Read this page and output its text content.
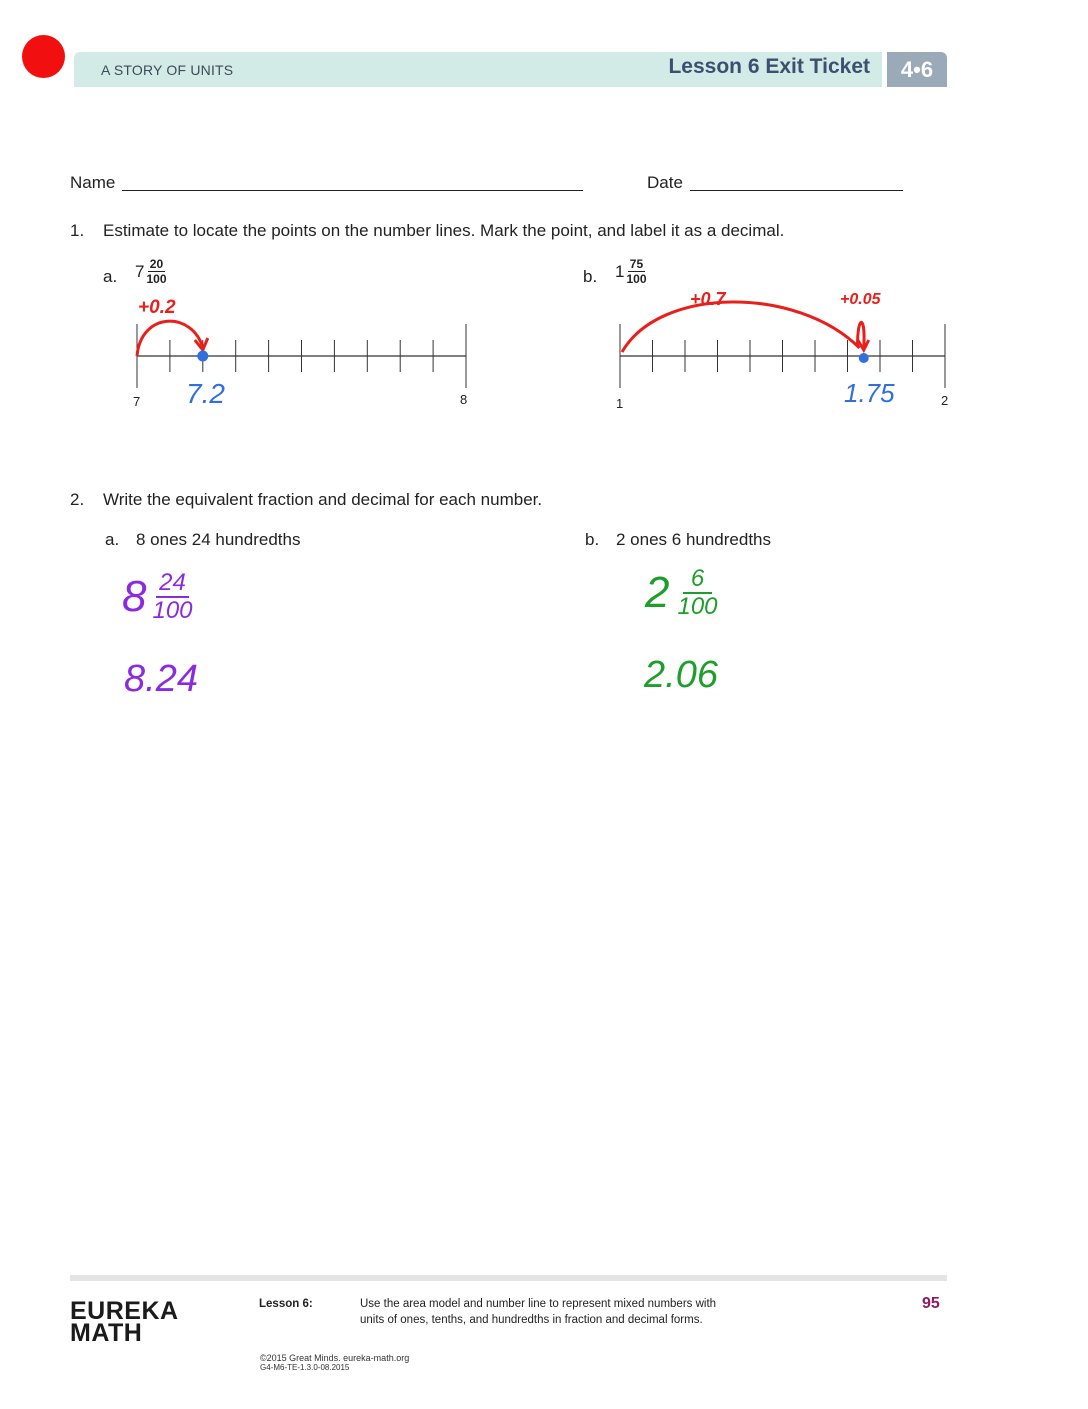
A STORY OF UNITS	Lesson 6 Exit Ticket	4•6
Name	Date
1. Estimate to locate the points on the number lines. Mark the point, and label it as a decimal.
a. $7 \frac{20}{100}$	b. $1 \frac{75}{100}$
7	8
+0.2
7.2	1	2
+0.7	+0.05
1.75
2. Write the equivalent fraction and decimal for each number.
a. 8 ones 24 hundredths	b. 2 ones 6 hundredths
$8 \frac{24}{100}$
8.24
$2 \frac{6}{100}$
2.06
EUREKA
MATH
Lesson 6:	Use the area model and number line to represent mixed numbers with
units of ones, tenths, and hundredths in fraction and decimal forms.
95
©2015 Great Minds. eureka-math.org
G4-M6-TE-1.3.0-08.2015
